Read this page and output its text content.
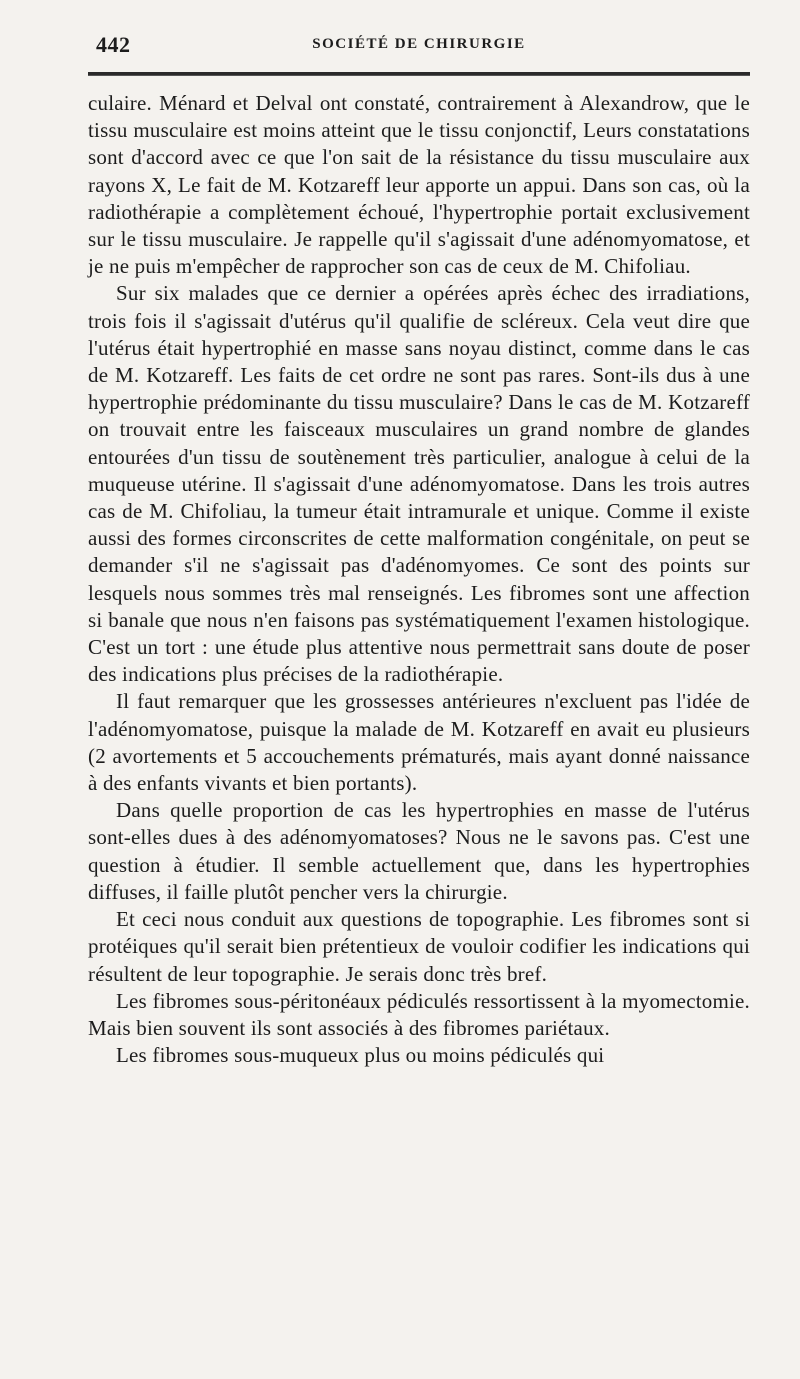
442	SOCIÉTÉ DE CHIRURGIE

culaire. Ménard et Delval ont constaté, contrairement à Alexandrow, que le tissu musculaire est moins atteint que le tissu conjonctif, Leurs constatations sont d'accord avec ce que l'on sait de la résistance du tissu musculaire aux rayons X, Le fait de M. Kotzareff leur apporte un appui. Dans son cas, où la radiothérapie a complètement échoué, l'hypertrophie portait exclusivement sur le tissu musculaire. Je rappelle qu'il s'agissait d'une adénomyomatose, et je ne puis m'empêcher de rapprocher son cas de ceux de M. Chifoliau.

Sur six malades que ce dernier a opérées après échec des irradiations, trois fois il s'agissait d'utérus qu'il qualifie de scléreux. Cela veut dire que l'utérus était hypertrophié en masse sans noyau distinct, comme dans le cas de M. Kotzareff. Les faits de cet ordre ne sont pas rares. Sont-ils dus à une hypertrophie prédominante du tissu musculaire? Dans le cas de M. Kotzareff on trouvait entre les faisceaux musculaires un grand nombre de glandes entourées d'un tissu de soutènement très particulier, analogue à celui de la muqueuse utérine. Il s'agissait d'une adénomyomatose. Dans les trois autres cas de M. Chifoliau, la tumeur était intramurale et unique. Comme il existe aussi des formes circonscrites de cette malformation congénitale, on peut se demander s'il ne s'agissait pas d'adénomyomes. Ce sont des points sur lesquels nous sommes très mal renseignés. Les fibromes sont une affection si banale que nous n'en faisons pas systématiquement l'examen histologique. C'est un tort : une étude plus attentive nous permettrait sans doute de poser des indications plus précises de la radiothérapie.

Il faut remarquer que les grossesses antérieures n'excluent pas l'idée de l'adénomyomatose, puisque la malade de M. Kotzareff en avait eu plusieurs (2 avortements et 5 accouchements prématurés, mais ayant donné naissance à des enfants vivants et bien portants).

Dans quelle proportion de cas les hypertrophies en masse de l'utérus sont-elles dues à des adénomyomatoses? Nous ne le savons pas. C'est une question à étudier. Il semble actuellement que, dans les hypertrophies diffuses, il faille plutôt pencher vers la chirurgie.

Et ceci nous conduit aux questions de topographie. Les fibromes sont si protéiques qu'il serait bien prétentieux de vouloir codifier les indications qui résultent de leur topographie. Je serais donc très bref.

Les fibromes sous-péritonéaux pédiculés ressortissent à la myomectomie. Mais bien souvent ils sont associés à des fibromes pariétaux.

Les fibromes sous-muqueux plus ou moins pédiculés qui
